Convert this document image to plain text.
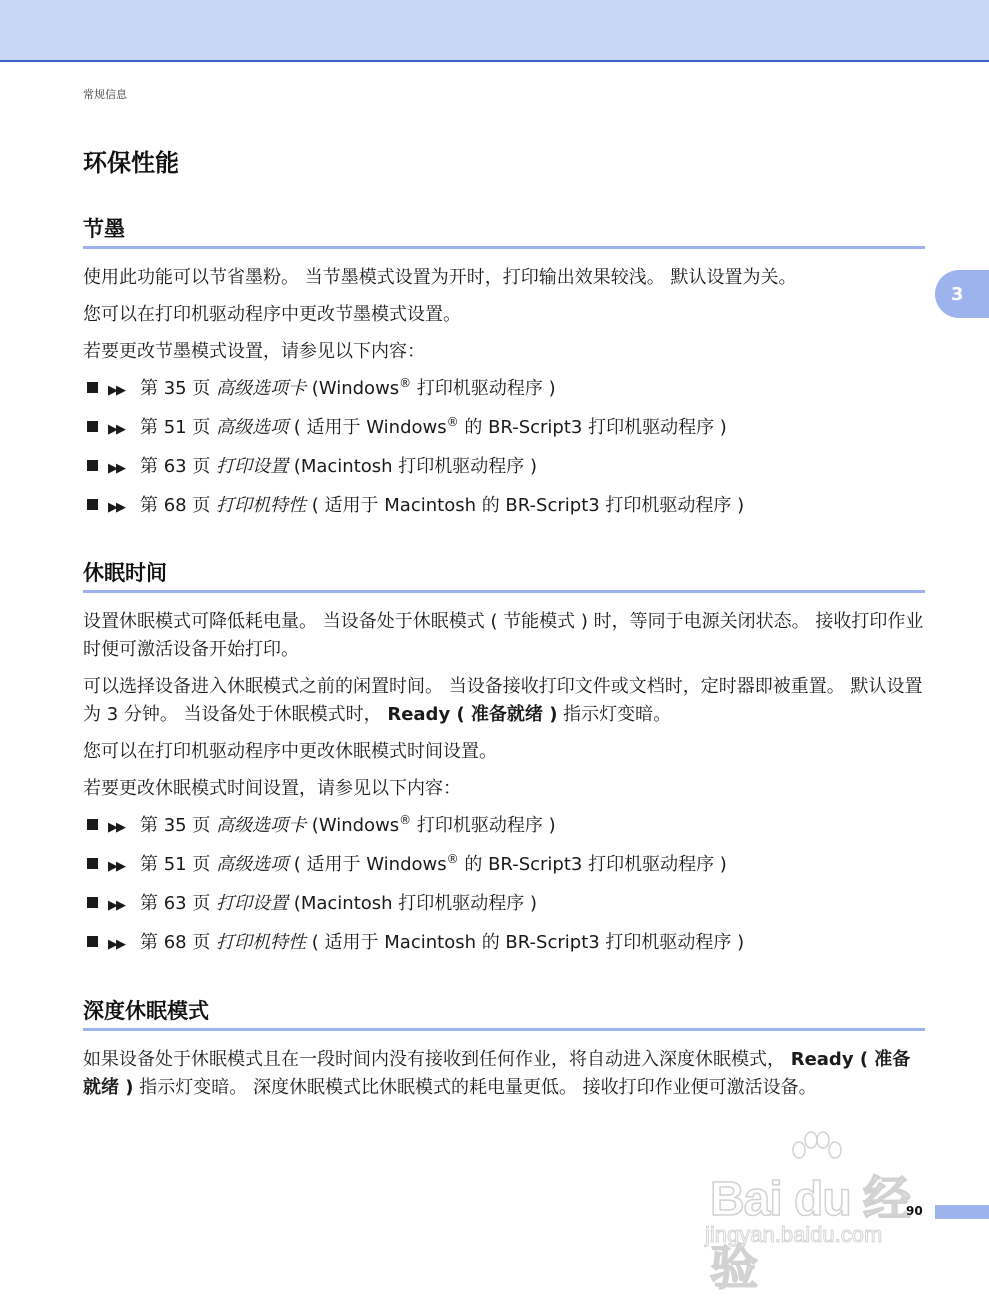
常规信息
环保性能
3
节墨

使用此功能可以节省墨粉。 当节墨模式设置为开时，打印输出效果较浅。 默认设置为关。

您可以在打印机驱动程序中更改节墨模式设置。

若要更改节墨模式设置，请参见以下内容：

▶▶ 第 35 页 高级选项卡 (Windows® 打印机驱动程序 )
▶▶ 第 51 页 高级选项 ( 适用于 Windows® 的 BR-Script3 打印机驱动程序 )
▶▶ 第 63 页 打印设置 (Macintosh 打印机驱动程序 )
▶▶ 第 68 页 打印机特性 ( 适用于 Macintosh 的 BR-Script3 打印机驱动程序 )
休眠时间

设置休眠模式可降低耗电量。 当设备处于休眠模式 ( 节能模式 ) 时，等同于电源关闭状态。 接收打印作业时便可激活设备开始打印。

可以选择设备进入休眠模式之前的闲置时间。 当设备接收打印文件或文档时，定时器即被重置。 默认设置为 3 分钟。 当设备处于休眠模式时， Ready ( 准备就绪 ) 指示灯变暗。

您可以在打印机驱动程序中更改休眠模式时间设置。

若要更改休眠模式时间设置，请参见以下内容：

▶▶ 第 35 页 高级选项卡 (Windows® 打印机驱动程序 )
▶▶ 第 51 页 高级选项 ( 适用于 Windows® 的 BR-Script3 打印机驱动程序 )
▶▶ 第 63 页 打印设置 (Macintosh 打印机驱动程序 )
▶▶ 第 68 页 打印机特性 ( 适用于 Macintosh 的 BR-Script3 打印机驱动程序 )
深度休眠模式

如果设备处于休眠模式且在一段时间内没有接收到任何作业，将自动进入深度休眠模式， Ready ( 准备就绪 ) 指示灯变暗。 深度休眠模式比休眠模式的耗电量更低。 接收打印作业便可激活设备。

Bai du 经验
jingyan.baidu.com
90
